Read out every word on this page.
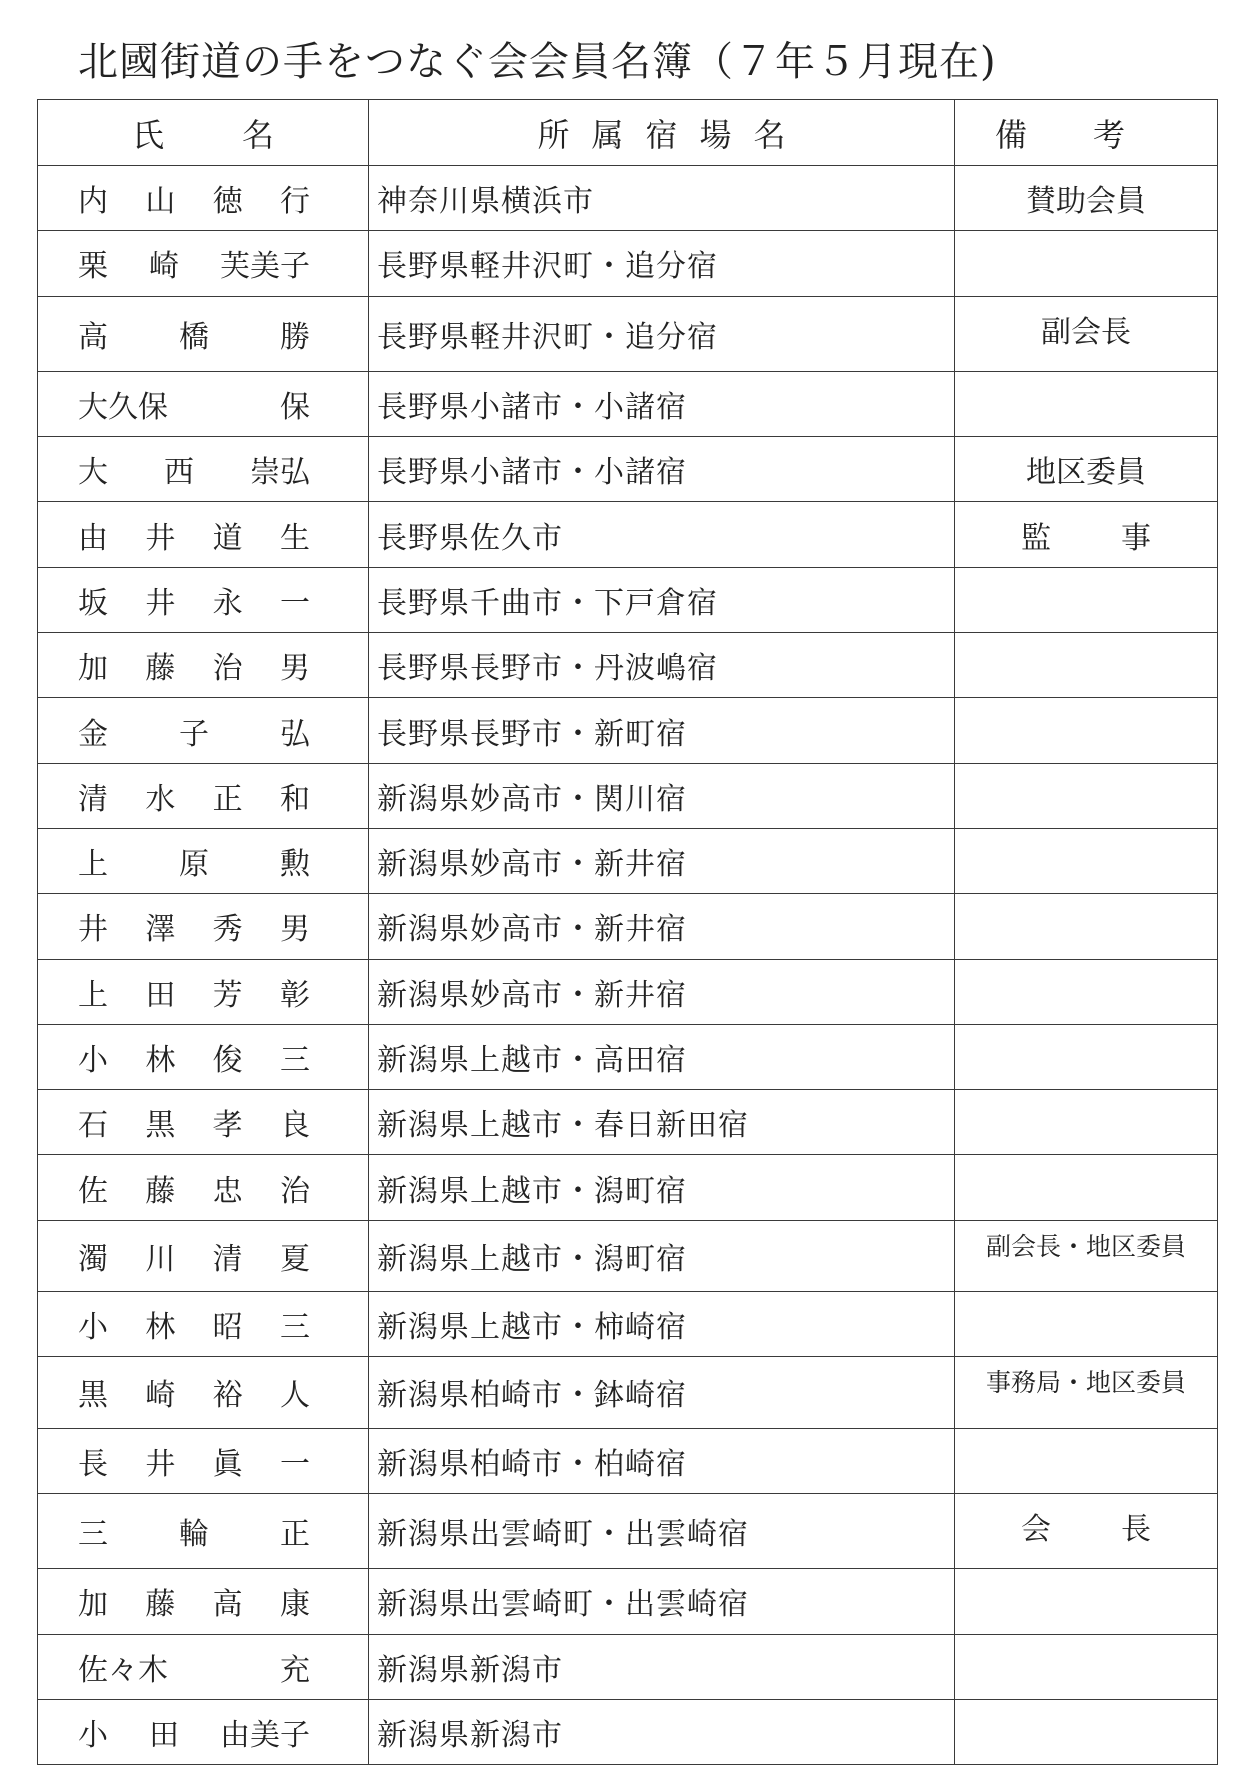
北國街道の手をつなぐ会会員名簿（７年５月現在)
氏 名	所属宿場名	備 考

内 山 徳 行	神奈川県横浜市	賛助会員

栗 崎 芙美子	長野県軽井沢町・追分宿	

高 橋 勝	長野県軽井沢町・追分宿	副会長

大久保 保	長野県小諸市・小諸宿	

大 西 崇弘	長野県小諸市・小諸宿	地区委員

由 井 道 生	長野県佐久市	監 事

坂 井 永 一	長野県千曲市・下戸倉宿	

加 藤 治 男	長野県長野市・丹波嶋宿	

金 子 弘	長野県長野市・新町宿	

清 水 正 和	新潟県妙高市・関川宿	

上 原 勲	新潟県妙高市・新井宿	

井 澤 秀 男	新潟県妙高市・新井宿	

上 田 芳 彰	新潟県妙高市・新井宿	

小 林 俊 三	新潟県上越市・高田宿	

石 黒 孝 良	新潟県上越市・春日新田宿	

佐 藤 忠 治	新潟県上越市・潟町宿	

濁 川 清 夏	新潟県上越市・潟町宿	副会長・地区委員

小 林 昭 三	新潟県上越市・柿崎宿	

黒 崎 裕 人	新潟県柏崎市・鉢崎宿	事務局・地区委員

長 井 眞 一	新潟県柏崎市・柏崎宿	

三 輪 正	新潟県出雲崎町・出雲崎宿	会 長

加 藤 高 康	新潟県出雲崎町・出雲崎宿	

佐々木 充	新潟県新潟市	

小 田 由美子	新潟県新潟市	
